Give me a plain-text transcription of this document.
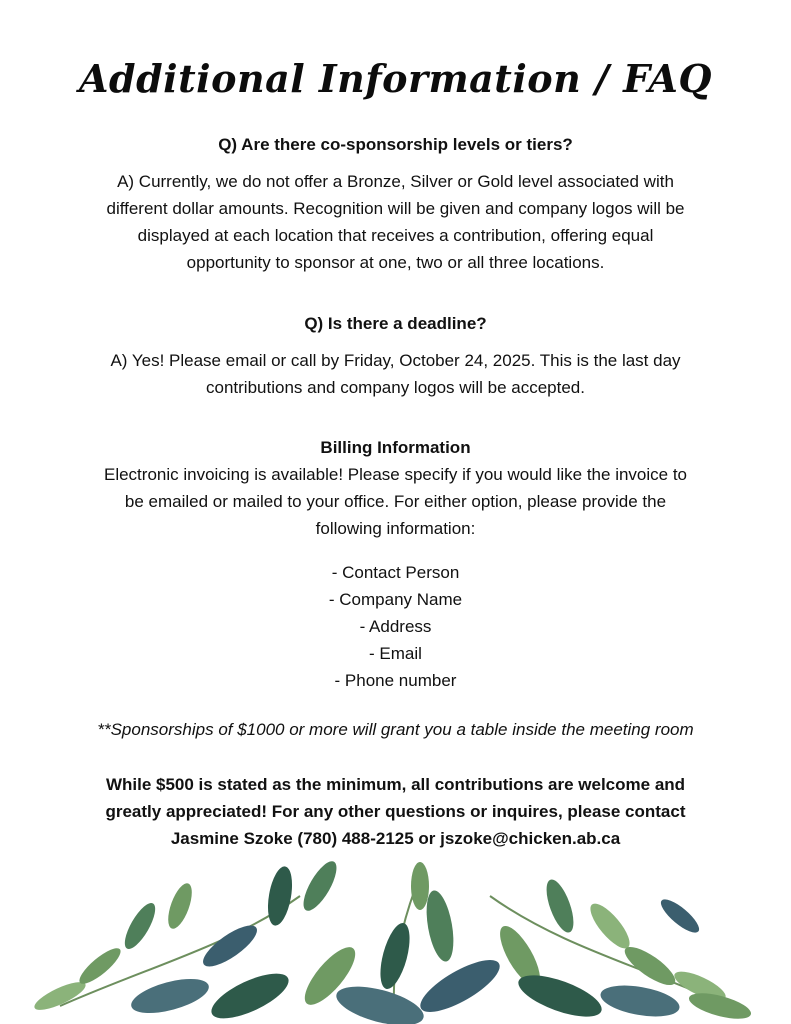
Additional Information / FAQ
Q) Are there co-sponsorship levels or tiers?
A) Currently, we do not offer a Bronze, Silver or Gold level associated with
different dollar amounts. Recognition will be given and company logos will be
displayed at each location that receives a contribution, offering equal
opportunity to sponsor at one, two or all three locations.
Q) Is there a deadline?
A) Yes! Please email or call by Friday, October 24, 2025. This is the last day
contributions and company logos will be accepted.
Billing Information
Electronic invoicing is available! Please specify if you would like the invoice to
be emailed or mailed to your office. For either option, please provide the
following information:
- Contact Person
- Company Name
- Address
- Email
- Phone number
**Sponsorships of $1000 or more will grant you a table inside the meeting room
While $500 is stated as the minimum, all contributions are welcome and
greatly appreciated! For any other questions or inquires, please contact
Jasmine Szoke (780) 488-2125 or jszoke@chicken.ab.ca
